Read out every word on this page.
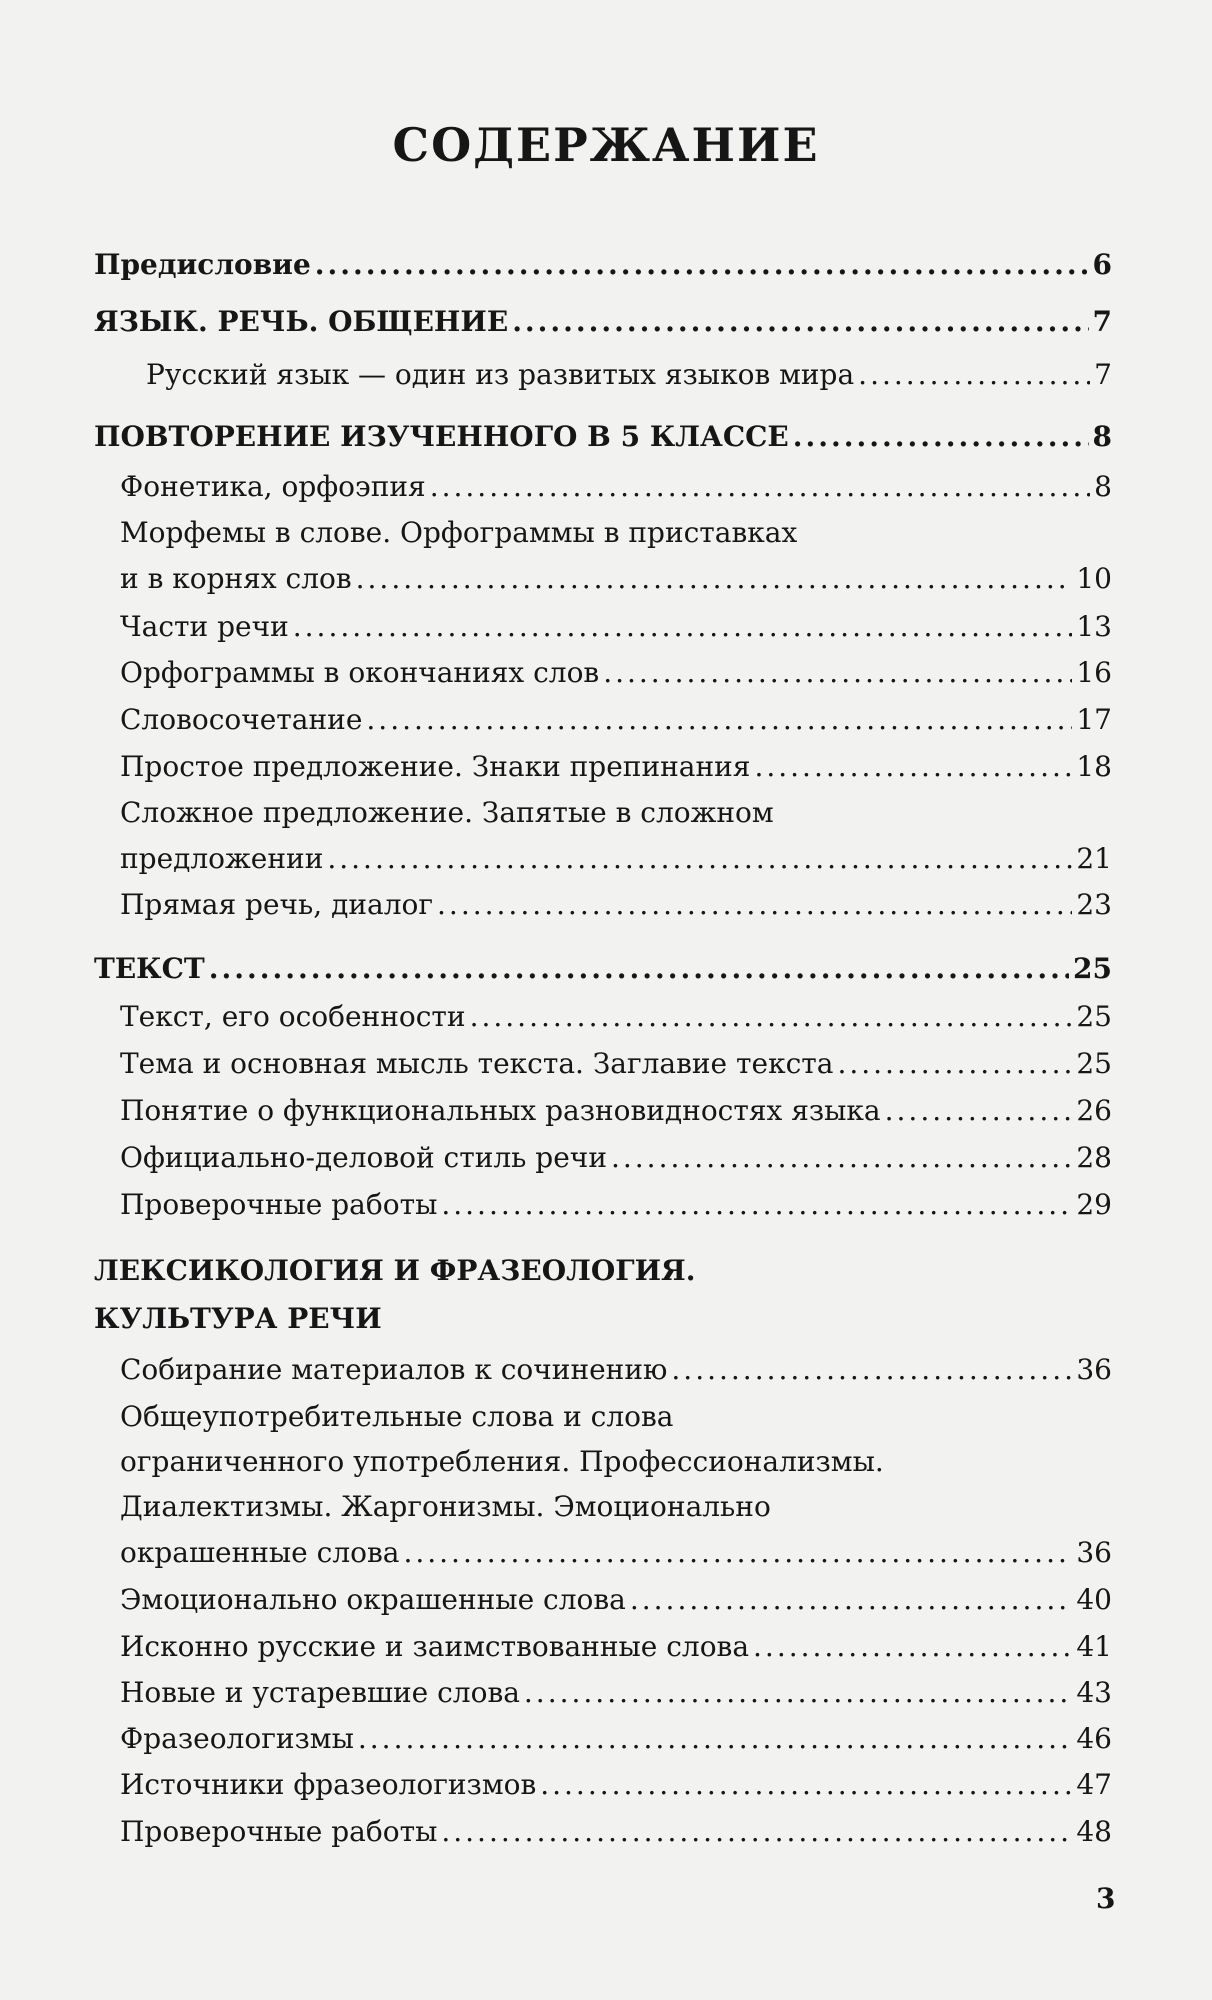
СОДЕРЖАНИЕ
Предисловие .....	6
ЯЗЫК. РЕЧЬ. ОБЩЕНИЕ .....	7
Русский язык — один из развитых языков мира .....	7
ПОВТОРЕНИЕ ИЗУЧЕННОГО В 5 КЛАССЕ .....	8
Фонетика, орфоэпия .....	8
Морфемы в слове. Орфограммы в приставках
и в корнях слов .....	10
Части речи .....	13
Орфограммы в окончаниях слов .....	16
Словосочетание .....	17
Простое предложение. Знаки препинания .....	18
Сложное предложение. Запятые в сложном
предложении .....	21
Прямая речь, диалог .....	23
ТЕКСТ .....	25
Текст, его особенности .....	25
Тема и основная мысль текста. Заглавие текста .....	25
Понятие о функциональных разновидностях языка .....	26
Официально-деловой стиль речи .....	28
Проверочные работы .....	29
ЛЕКСИКОЛОГИЯ И ФРАЗЕОЛОГИЯ.
КУЛЬТУРА РЕЧИ
Собирание материалов к сочинению .....	36
Общеупотребительные слова и слова
ограниченного употребления. Профессионализмы.
Диалектизмы. Жаргонизмы. Эмоционально
окрашенные слова .....	36
Эмоционально окрашенные слова .....	40
Исконно русские и заимствованные слова .....	41
Новые и устаревшие слова .....	43
Фразеологизмы .....	46
Источники фразеологизмов .....	47
Проверочные работы .....	48
3
